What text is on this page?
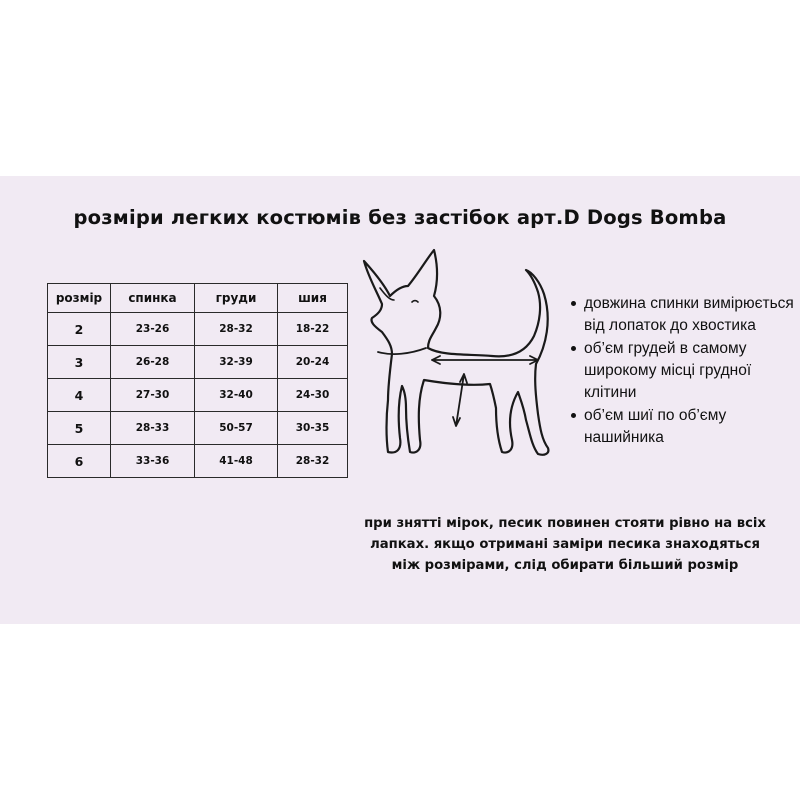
розміри легких костюмів без застібок арт.D Dogs Bomba
розмір	спинка	груди	шия
2	23-26	28-32	18-22
3	26-28	32-39	20-24
4	27-30	32-40	24-30
5	28-33	50-57	30-35
6	33-36	41-48	28-32
довжина спинки вимірюється від лопаток до хвостика
об’єм грудей в самому широкому місці грудної клітини
об’єм шиї по об’єму нашийника
при знятті мірок, песик повинен стояти рівно на всіх
лапках. якщо отримані заміри песика знаходяться
між розмірами, слід обирати більший розмір
